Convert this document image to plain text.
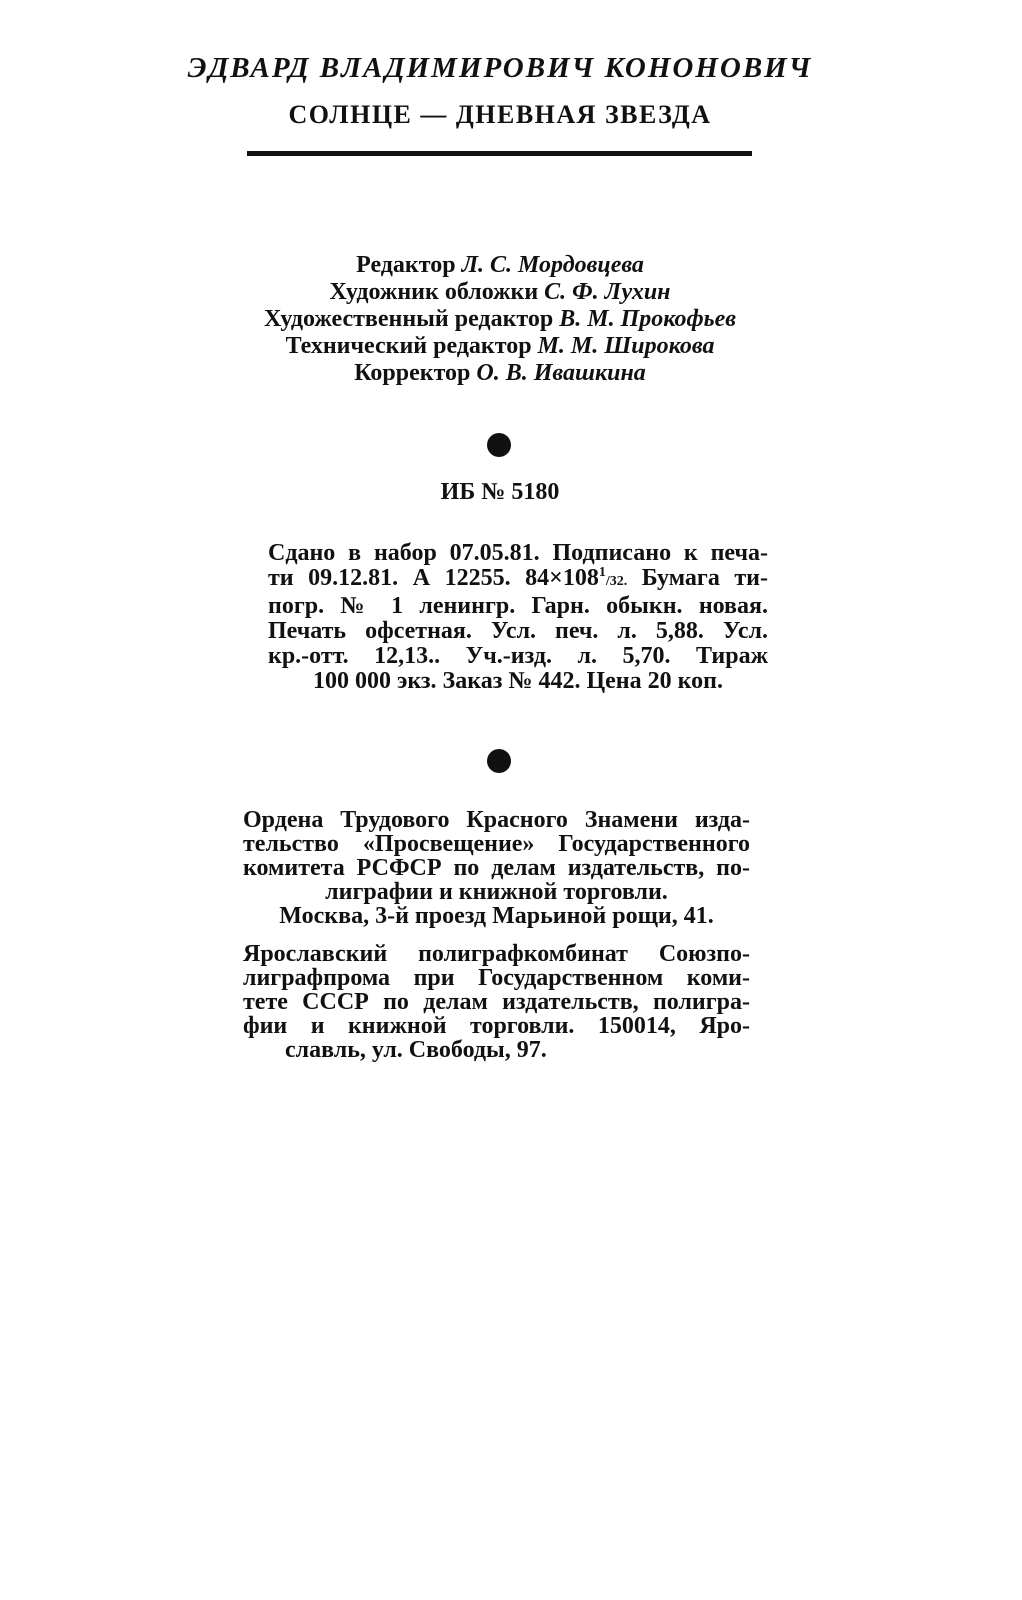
ЭДВАРД ВЛАДИМИРОВИЧ КОНОНОВИЧ

СОЛНЦЕ — ДНЕВНАЯ ЗВЕЗДА

Редактор Л. С. Мордовцева
Художник обложки С. Ф. Лухин
Художественный редактор В. М. Прокофьев
Технический редактор М. М. Широкова
Корректор О. В. Ивашкина
ИБ № 5180
Сдано в набор 07.05.81. Подписано к печа-
ти 09.12.81. А 12255. $84\times 108^1/32$. Бумага ти-
погр. № 1 ленингр. Гарн. обыкн. новая.
Печать офсетная. Усл. печ. л. 5,88. Усл.
кр.-отт. 12,13.. Уч.-изд. л. 5,70. Тираж
100 000 экз. Заказ № 442. Цена 20 коп.
Ордена Трудового Красного Знамени изда-
тельство «Просвещение» Государственного
комитета РСФСР по делам издательств, по-
лиграфии и книжной торговли.
Москва, 3-й проезд Марьиной рощи, 41.
Ярославский полиграфкомбинат Союзпо-
лиграфпрома при Государственном коми-
тете СССР по делам издательств, полигра-
фии и книжной торговли. 150014, Яро-
славль, ул. Свободы, 97.
